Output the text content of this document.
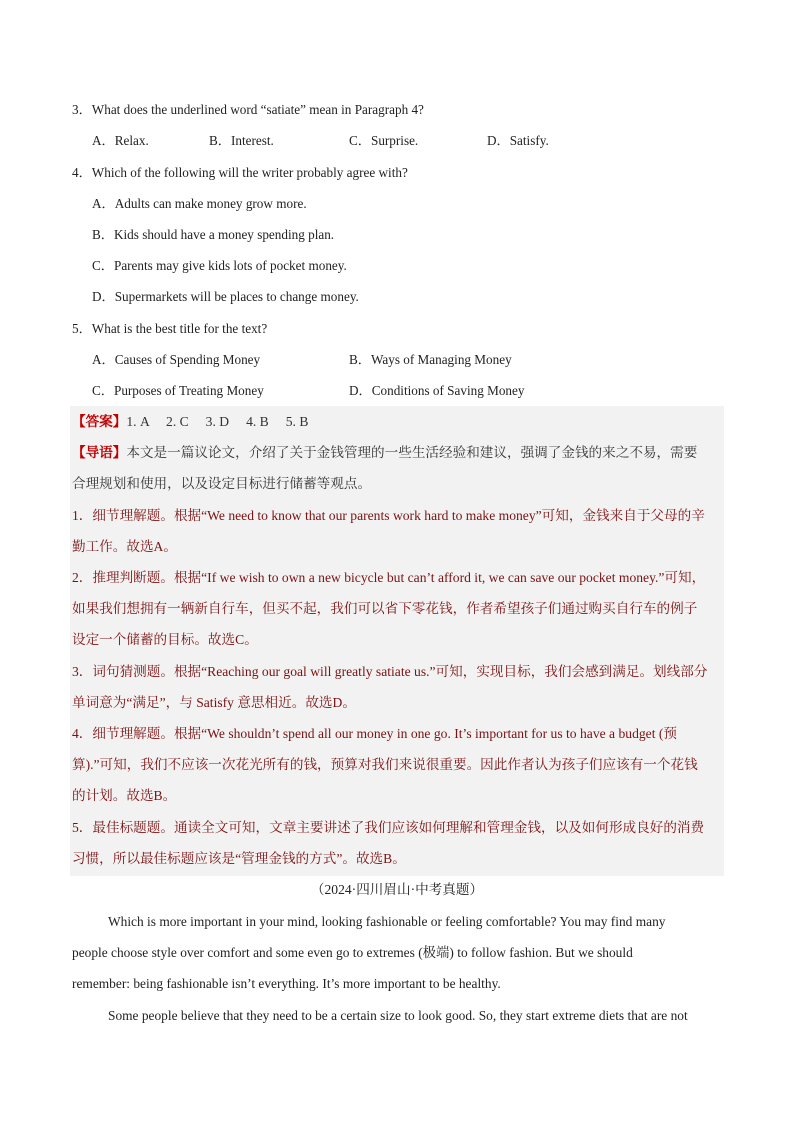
3．What does the underlined word “satiate” mean in Paragraph 4?
A．Relax.	B．Interest.	C．Surprise.	D．Satisfy.
4．Which of the following will the writer probably agree with?
A．Adults can make money grow more.
B．Kids should have a money spending plan.
C．Parents may give kids lots of pocket money.
D．Supermarkets will be places to change money.
5．What is the best title for the text?
A．Causes of Spending Money	B．Ways of Managing Money
C．Purposes of Treating Money	D．Conditions of Saving Money
【答案】1. A　 2. C　 3. D　 4. B　 5. B
【导语】本文是一篇议论文，介绍了关于金钱管理的一些生活经验和建议，强调了金钱的来之不易，需要
合理规划和使用，以及设定目标进行储蓄等观点。
1．细节理解题。根据“We need to know that our parents work hard to make money”可知，金钱来自于父母的辛
勤工作。故选A。
2．推理判断题。根据“If we wish to own a new bicycle but can’t afford it, we can save our pocket money.”可知，
如果我们想拥有一辆新自行车，但买不起，我们可以省下零花钱，作者希望孩子们通过购买自行车的例子
设定一个储蓄的目标。故选C。
3．词句猜测题。根据“Reaching our goal will greatly satiate us.”可知，实现目标，我们会感到满足。划线部分
单词意为“满足”，与 Satisfy 意思相近。故选D。
4．细节理解题。根据“We shouldn’t spend all our money in one go. It’s important for us to have a budget (预
算).”可知，我们不应该一次花光所有的钱，预算对我们来说很重要。因此作者认为孩子们应该有一个花钱
的计划。故选B。
5．最佳标题题。通读全文可知，文章主要讲述了我们应该如何理解和管理金钱，以及如何形成良好的消费
习惯，所以最佳标题应该是“管理金钱的方式”。故选B。
（2024·四川眉山·中考真题）
Which is more important in your mind, looking fashionable or feeling comfortable? You may find many
people choose style over comfort and some even go to extremes (极端) to follow fashion. But we should
remember: being fashionable isn’t everything. It’s more important to be healthy.
Some people believe that they need to be a certain size to look good. So, they start extreme diets that are not
